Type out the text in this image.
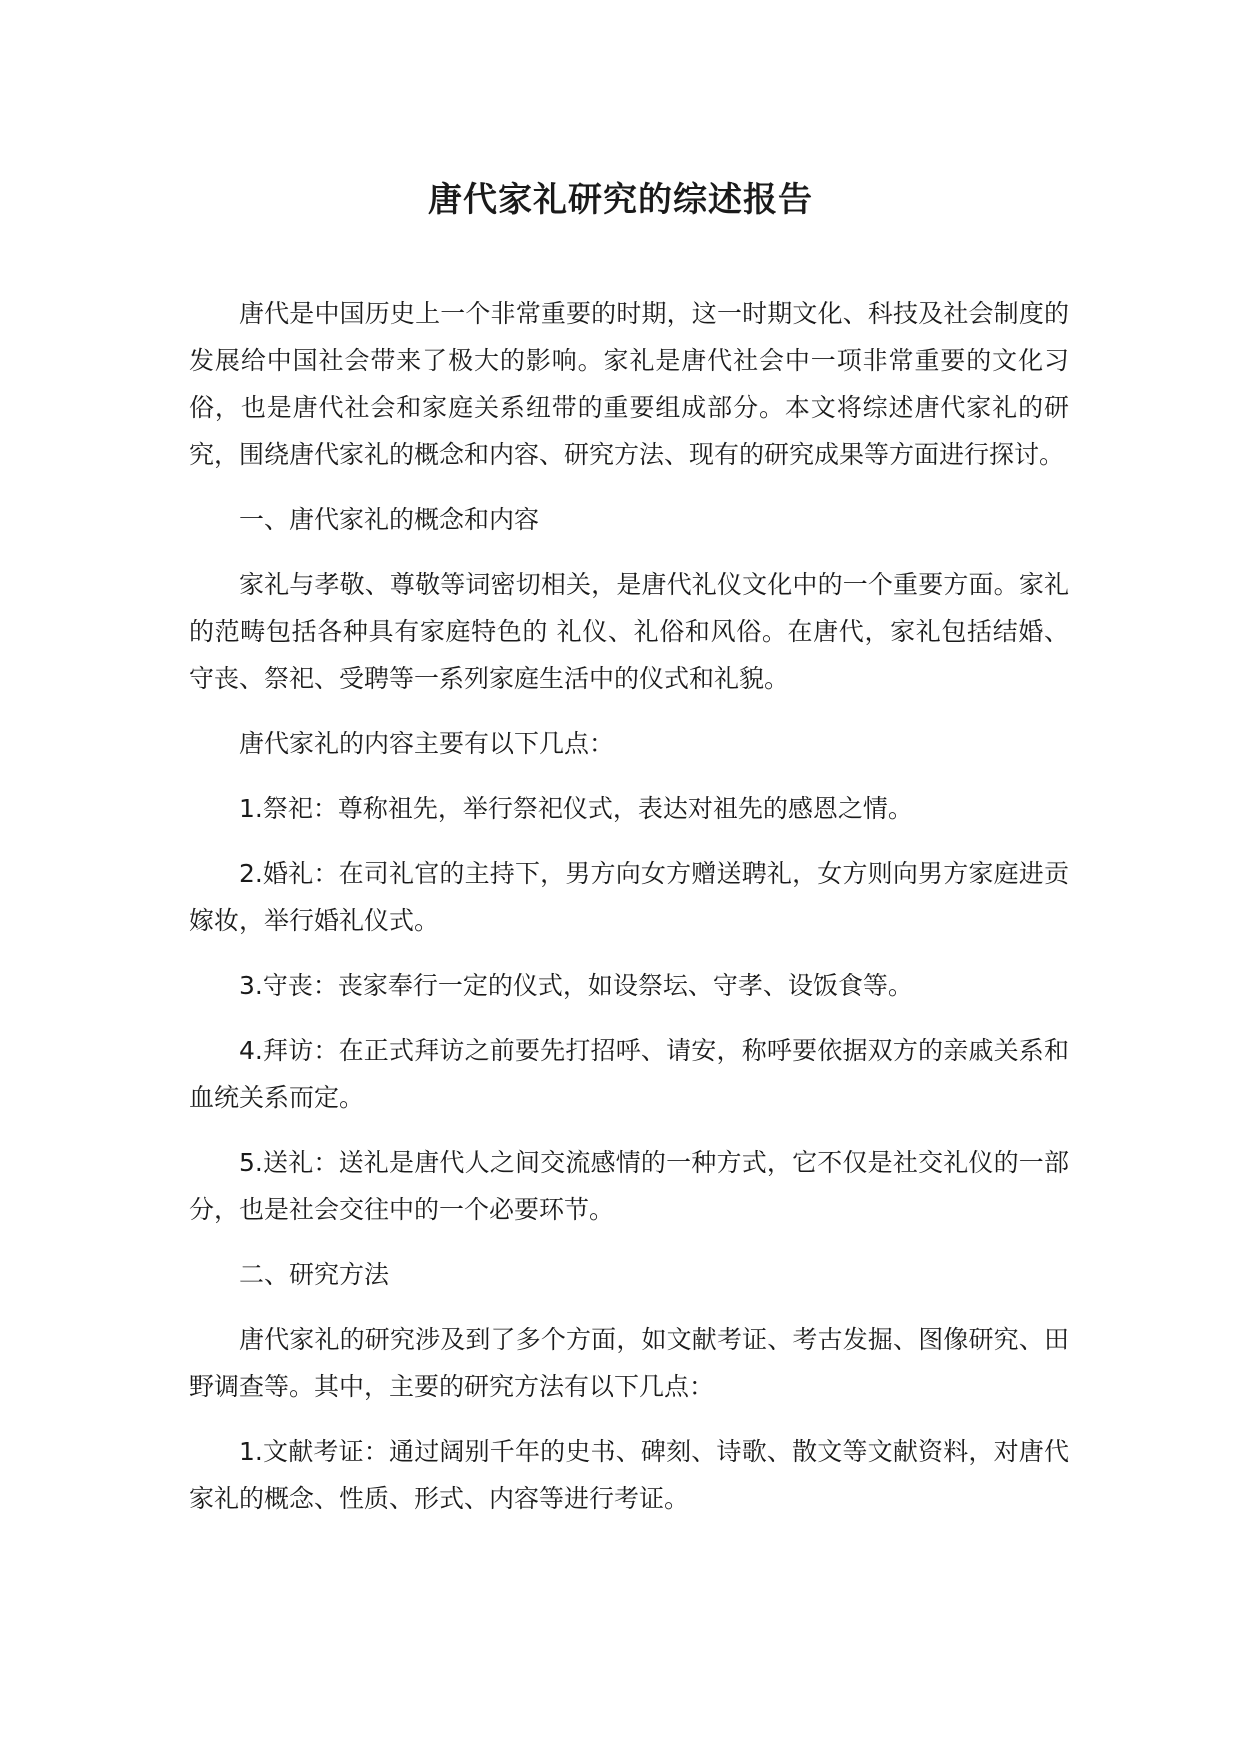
唐代家礼研究的综述报告

唐代是中国历史上一个非常重要的时期，这一时期文化、科技及社会制度的发展给中国社会带来了极大的影响。家礼是唐代社会中一项非常重要的文化习俗，也是唐代社会和家庭关系纽带的重要组成部分。本文将综述唐代家礼的研究，围绕唐代家礼的概念和内容、研究方法、现有的研究成果等方面进行探讨。

一、唐代家礼的概念和内容

家礼与孝敬、尊敬等词密切相关，是唐代礼仪文化中的一个重要方面。家礼的范畴包括各种具有家庭特色的 礼仪、礼俗和风俗。在唐代，家礼包括结婚、守丧、祭祀、受聘等一系列家庭生活中的仪式和礼貌。

唐代家礼的内容主要有以下几点：

1.祭祀：尊称祖先，举行祭祀仪式，表达对祖先的感恩之情。

2.婚礼：在司礼官的主持下，男方向女方赠送聘礼，女方则向男方家庭进贡嫁妆，举行婚礼仪式。

3.守丧：丧家奉行一定的仪式，如设祭坛、守孝、设饭食等。

4.拜访：在正式拜访之前要先打招呼、请安，称呼要依据双方的亲戚关系和血统关系而定。

5.送礼：送礼是唐代人之间交流感情的一种方式，它不仅是社交礼仪的一部分，也是社会交往中的一个必要环节。

二、研究方法

唐代家礼的研究涉及到了多个方面，如文献考证、考古发掘、图像研究、田野调查等。其中，主要的研究方法有以下几点：

1.文献考证：通过阔别千年的史书、碑刻、诗歌、散文等文献资料，对唐代家礼的概念、性质、形式、内容等进行考证。
